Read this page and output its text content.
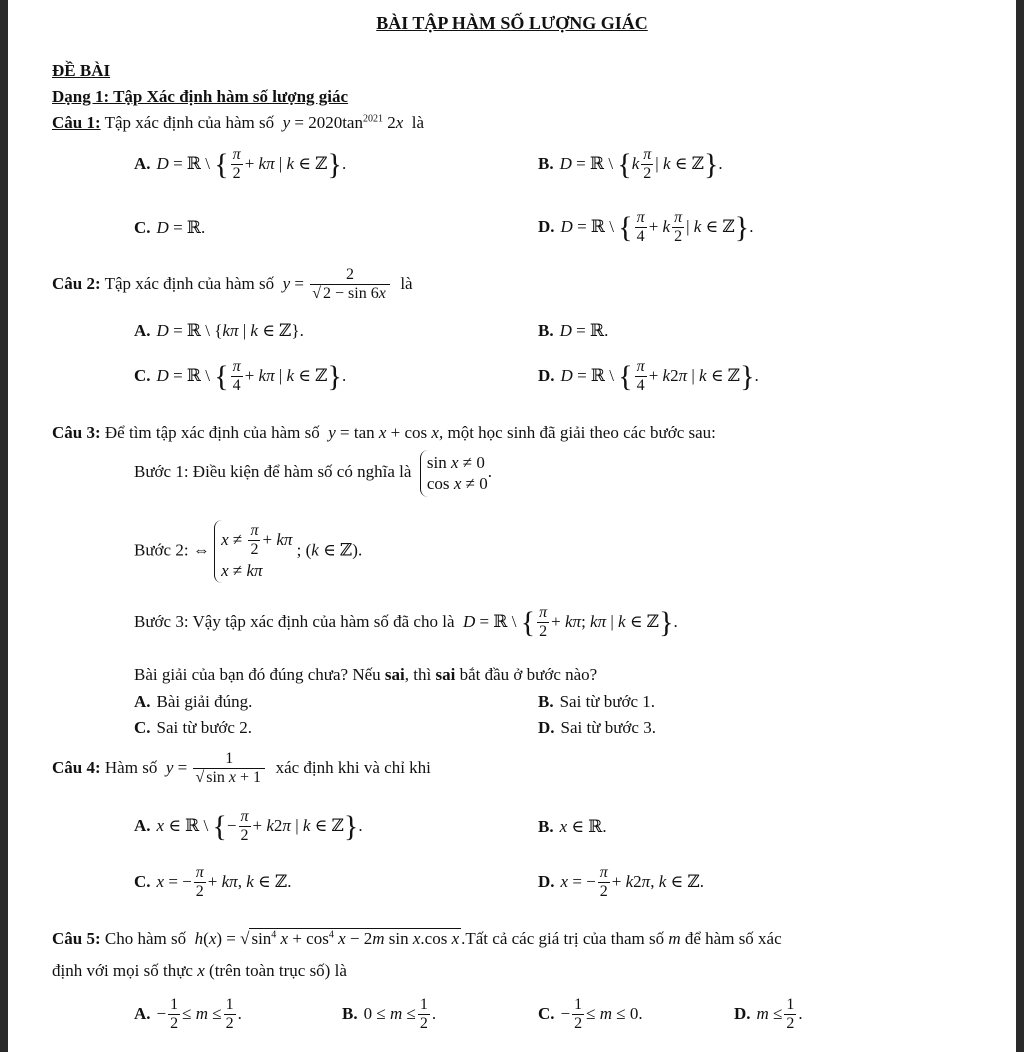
BÀI TẬP HÀM SỐ LƯỢNG GIÁC
ĐỀ BÀI
Dạng 1: Tập Xác định hàm số lượng giác
Câu 1: Tập xác định của hàm số $y = 2020\tan^{2021}$ 2x là
A. D = ℝ \ { $\frac{\pi}{2} + k\pi$ | k ∈ ℤ}.	B. D = ℝ \ {$k \frac{\pi}{2}$ | k ∈ ℤ}.
C. D = ℝ.	D. D = ℝ \ { $\frac{\pi}{4} + k \frac{\pi}{2}$ | k ∈ ℤ}.
Câu 2: Tập xác định của hàm số $y = \frac{2}{√ 2 - \sin 6x}$ là
A. D = ℝ \ {kπ | k ∈ ℤ}.	B. D = ℝ.
C. D = ℝ \ { $\frac{\pi}{4} + k\pi$ | k ∈ ℤ}.	D. D = ℝ \ { $\frac{\pi}{4} + k2\pi$ | k ∈ ℤ}.
Câu 3: Để tìm tập xác định của hàm số y = tan x + cos x, một học sinh đã giải theo các bước sau:
Bước 1: Điều kiện để hàm số có nghĩa là sin x ≠ 0
cos x ≠ 0
.
Bước 2: ⇔
$x \ne \frac{\pi}{2} + k\pi$
x ≠ kπ
; (k ∈ ℤ).
Bước 3: Vậy tập xác định của hàm số đã cho là D = ℝ \ { $\frac{\pi}{2} + k\pi$; kπ | k ∈ ℤ}.
Bài giải của bạn đó đúng chưa? Nếu sai, thì sai bắt đầu ở bước nào?
A. Bài giải đúng.	B. Sai từ bước 1.
C. Sai từ bước 2.	D. Sai từ bước 3.
Câu 4: Hàm số $y = \frac{1}{\text{√ sin x + 1}}$ xác định khi và chỉ khi
A. x ∈ ℝ \ {− $\frac{\pi}{2} + k2\pi$ | k ∈ ℤ}.	B. x ∈ ℝ.
C. x = − $\frac{\pi}{2} + k\pi$, k ∈ ℤ.	D. x = − $\frac{\pi}{2} + k2\pi$, k ∈ ℤ.
Câu 5: Cho hàm số h(x) = √ $\sin^4 x + \cos^4 x - 2m$ sin x.cos x .Tất cả các giá trị của tham số m để hàm số xác
định với mọi số thực x (trên toàn trục số) là
A. − $\frac{1}{2} \le m \le \frac{1}{2}$ .	B. $0 \le m \le \frac{1}{2}$ .	C. − $\frac{1}{2} \le m \le 0$.	D. $m \le \frac{1}{2}$ .
